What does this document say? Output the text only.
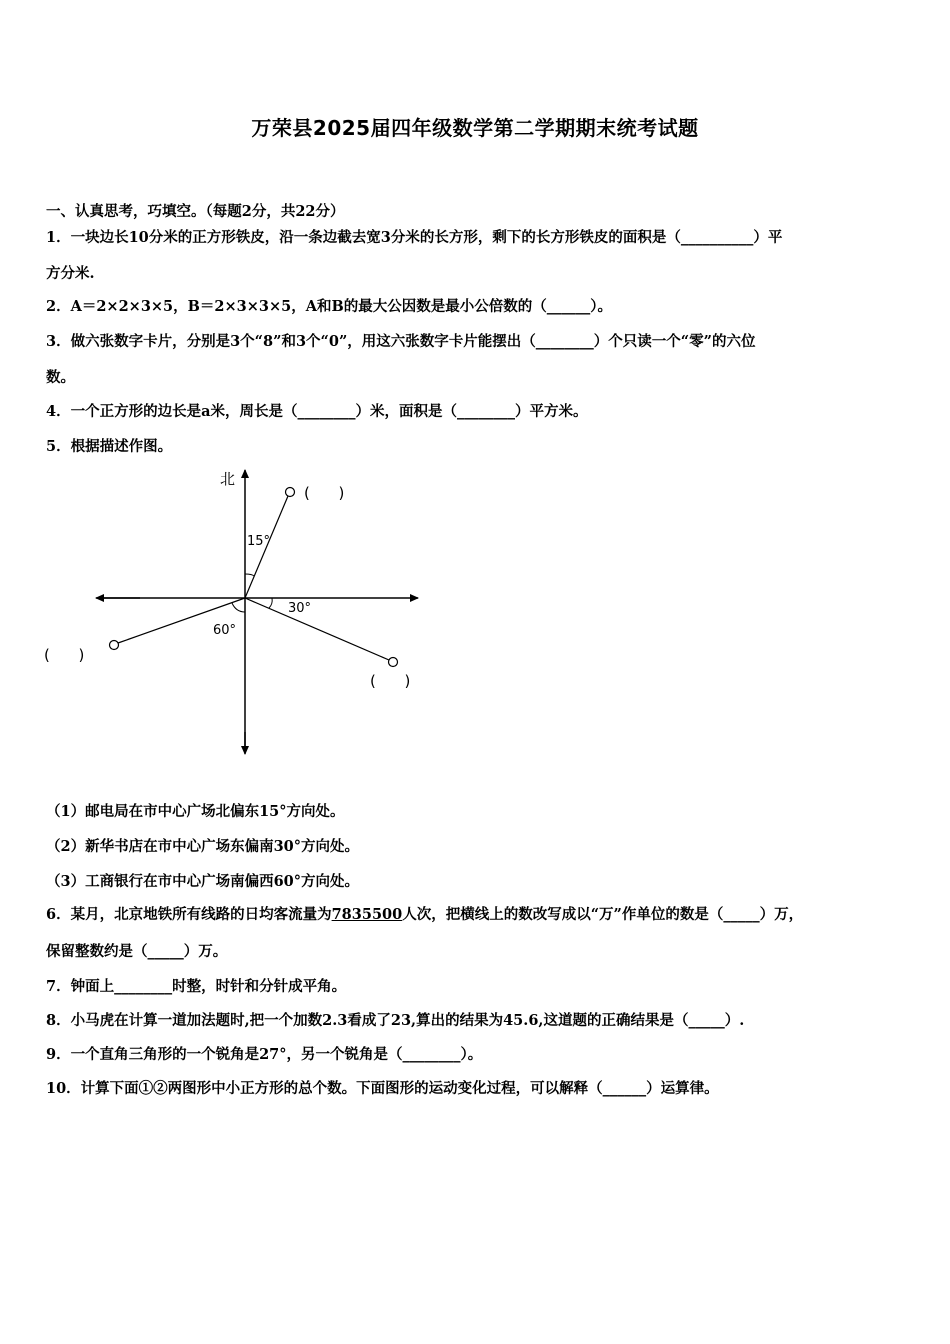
万荣县2025届四年级数学第二学期期末统考试题
一、认真思考，巧填空。（每题2分，共22分）
1．一块边长10分米的正方形铁皮，沿一条边截去宽3分米的长方形，剩下的长方形铁皮的面积是（__________）平
方分米.
2．A＝2×2×3×5，B＝2×3×3×5，A和B的最大公因数是最小公倍数的（______）。
3．做六张数字卡片，分别是3个“8”和3个“0”，用这六张数字卡片能摆出（________）个只读一个“零”的六位
数。
4．一个正方形的边长是a米，周长是（________）米，面积是（________）平方米。
5．根据描述作图。
北
15°
30°
60°
(      )
(      )
(      )
（1）邮电局在市中心广场北偏东15°方向处。
（2）新华书店在市中心广场东偏南30°方向处。
（3）工商银行在市中心广场南偏西60°方向处。
6．某月，北京地铁所有线路的日均客流量为7835500人次，把横线上的数改写成以“万”作单位的数是（_____）万，
保留整数约是（_____）万。
7．钟面上________时整，时针和分针成平角。
8．小马虎在计算一道加法题时,把一个加数2.3看成了23,算出的结果为45.6,这道题的正确结果是（_____）.
9．一个直角三角形的一个锐角是27°，另一个锐角是（________）。
10．计算下面①②两图形中小正方形的总个数。下面图形的运动变化过程，可以解释（______）运算律。
